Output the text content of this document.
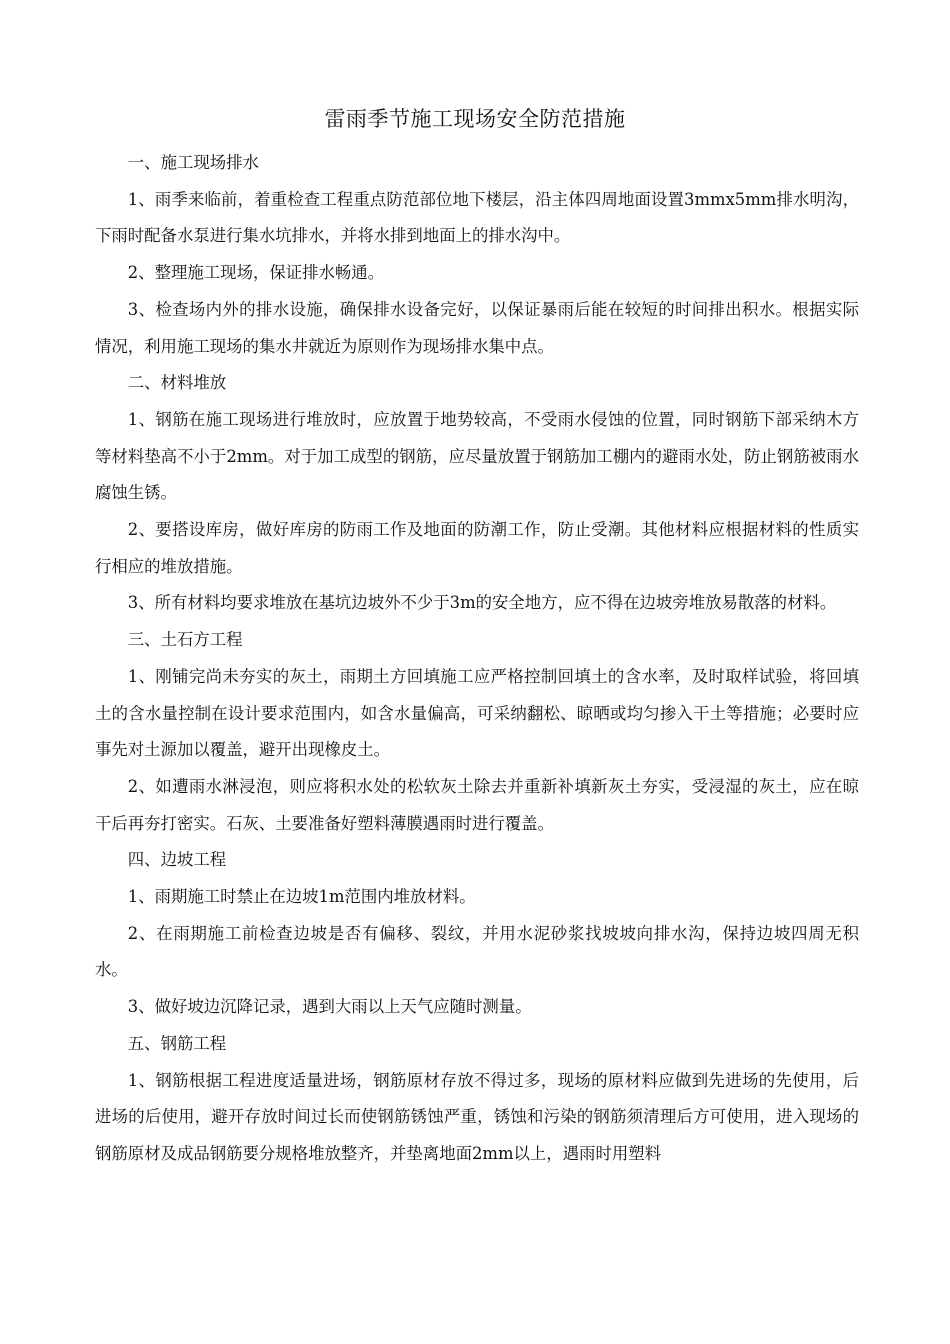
雷雨季节施工现场安全防范措施

一、施工现场排水

1、雨季来临前，着重检查工程重点防范部位地下楼层，沿主体四周地面设置3mmx5mm排水明沟，下雨时配备水泵进行集水坑排水，并将水排到地面上的排水沟中。

2、整理施工现场，保证排水畅通。

3、检查场内外的排水设施，确保排水设备完好，以保证暴雨后能在较短的时间排出积水。根据实际情况，利用施工现场的集水井就近为原则作为现场排水集中点。

二、材料堆放

1、钢筋在施工现场进行堆放时，应放置于地势较高，不受雨水侵蚀的位置，同时钢筋下部采纳木方等材料垫高不小于2mm。对于加工成型的钢筋，应尽量放置于钢筋加工棚内的避雨水处，防止钢筋被雨水腐蚀生锈。

2、要搭设库房，做好库房的防雨工作及地面的防潮工作，防止受潮。其他材料应根据材料的性质实行相应的堆放措施。

3、所有材料均要求堆放在基坑边坡外不少于3m的安全地方，应不得在边坡旁堆放易散落的材料。

三、土石方工程

1、刚铺完尚未夯实的灰土，雨期土方回填施工应严格控制回填土的含水率，及时取样试验，将回填土的含水量控制在设计要求范围内，如含水量偏高，可采纳翻松、晾晒或均匀掺入干土等措施；必要时应事先对土源加以覆盖，避开出现橡皮土。

2、如遭雨水淋浸泡，则应将积水处的松软灰土除去并重新补填新灰土夯实，受浸湿的灰土，应在晾干后再夯打密实。石灰、土要准备好塑料薄膜遇雨时进行覆盖。

四、边坡工程

1、雨期施工时禁止在边坡1m范围内堆放材料。

2、在雨期施工前检查边坡是否有偏移、裂纹，并用水泥砂浆找坡坡向排水沟，保持边坡四周无积水。

3、做好坡边沉降记录，遇到大雨以上天气应随时测量。

五、钢筋工程

1、钢筋根据工程进度适量进场，钢筋原材存放不得过多，现场的原材料应做到先进场的先使用，后进场的后使用，避开存放时间过长而使钢筋锈蚀严重，锈蚀和污染的钢筋须清理后方可使用，进入现场的钢筋原材及成品钢筋要分规格堆放整齐，并垫离地面2mm以上，遇雨时用塑料
